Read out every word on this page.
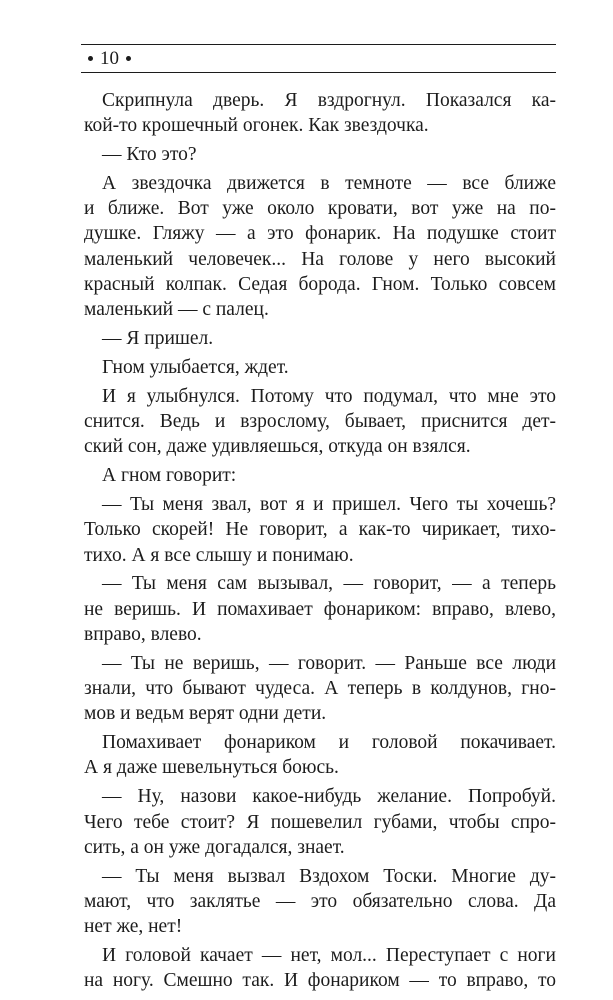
10
Скрипнула дверь. Я вздрогнул. Показался ка-
кой-то крошечный огонек. Как звездочка.
— Кто это?
А звездочка движется в темноте — все ближе
и ближе. Вот уже около кровати, вот уже на по-
душке. Гляжу — а это фонарик. На подушке стоит
маленький человечек... На голове у него высокий
красный колпак. Седая борода. Гном. Только совсем
маленький — с палец.
— Я пришел.
Гном улыбается, ждет.
И я улыбнулся. Потому что подумал, что мне это
снится. Ведь и взрослому, бывает, приснится дет-
ский сон, даже удивляешься, откуда он взялся.
А гном говорит:
— Ты меня звал, вот я и пришел. Чего ты хочешь?
Только скорей! Не говорит, а как-то чирикает, тихо-
тихо. А я все слышу и понимаю.
— Ты меня сам вызывал, — говорит, — а теперь
не веришь. И помахивает фонариком: вправо, влево,
вправо, влево.
— Ты не веришь, — говорит. — Раньше все люди
знали, что бывают чудеса. А теперь в колдунов, гно-
мов и ведьм верят одни дети.
Помахивает фонариком и головой покачивает.
А я даже шевельнуться боюсь.
— Ну, назови какое-нибудь желание. Попробуй.
Чего тебе стоит? Я пошевелил губами, чтобы спро-
сить, а он уже догадался, знает.
— Ты меня вызвал Вздохом Тоски. Многие ду-
мают, что заклятье — это обязательно слова. Да
нет же, нет!
И головой качает — нет, мол... Переступает с ноги
на ногу. Смешно так. И фонариком — то вправо, то
